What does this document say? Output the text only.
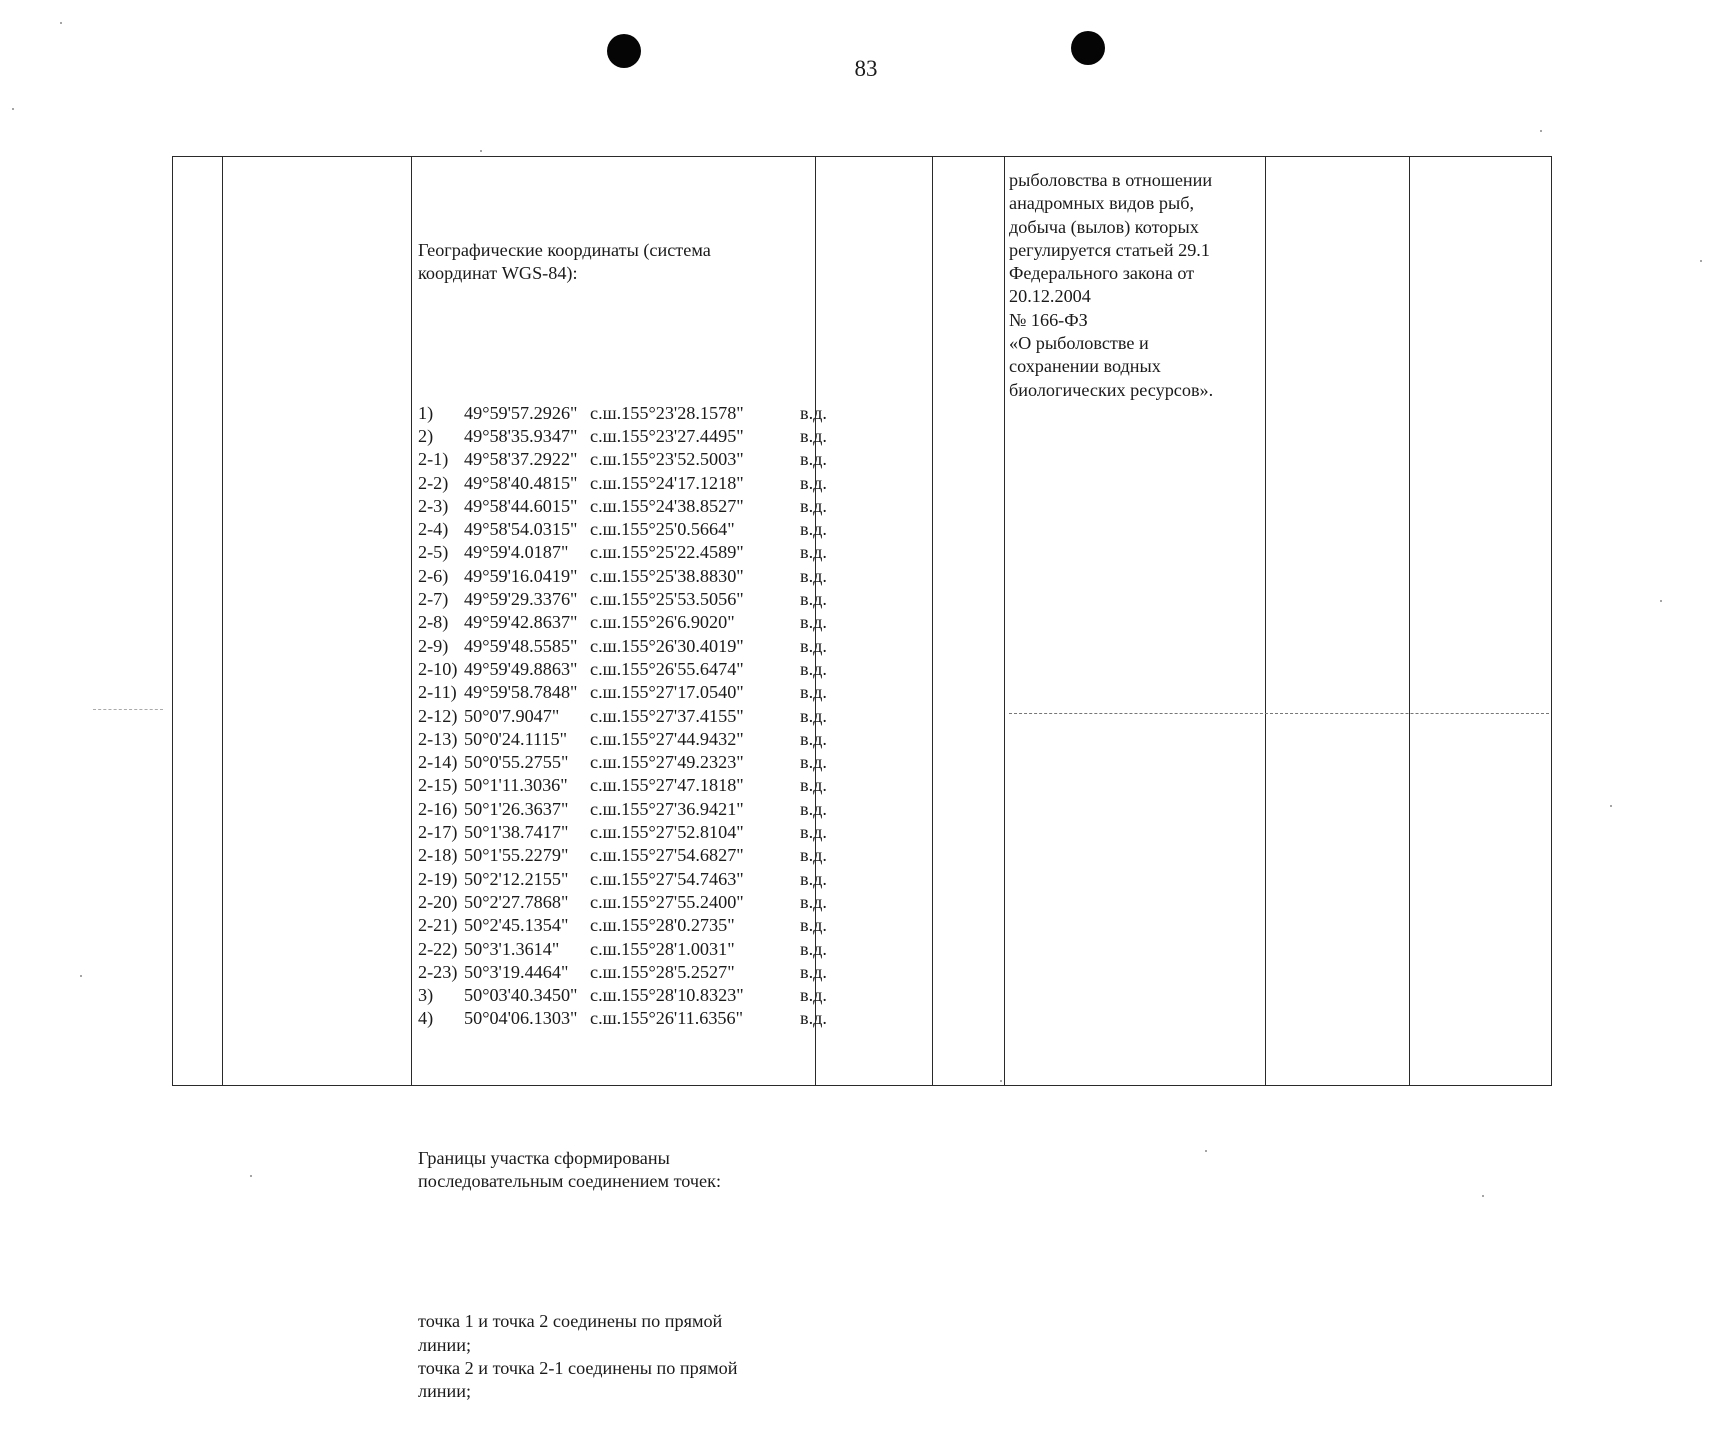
83

Географические координаты (система
координат WGS-84):

1) 49°59'57.2926" с.ш.155°23'28.1578"	в.д.
2) 49°58'35.9347" с.ш.155°23'27.4495"	в.д.
2-1) 49°58'37.2922" с.ш.155°23'52.5003"	в.д.
2-2) 49°58'40.4815" с.ш.155°24'17.1218"	в.д.
2-3) 49°58'44.6015" с.ш.155°24'38.8527"	в.д.
2-4) 49°58'54.0315" с.ш.155°25'0.5664"	в.д.
2-5) 49°59'4.0187" с.ш.155°25'22.4589"	в.д.
2-6) 49°59'16.0419" с.ш.155°25'38.8830"	в.д.
2-7) 49°59'29.3376" с.ш.155°25'53.5056"	в.д.
2-8) 49°59'42.8637" с.ш.155°26'6.9020"	в.д.
2-9) 49°59'48.5585" с.ш.155°26'30.4019"	в.д.
2-10) 49°59'49.8863" с.ш.155°26'55.6474"	в.д.
2-11) 49°59'58.7848" с.ш.155°27'17.0540"	в.д.
2-12) 50°0'7.9047" с.ш.155°27'37.4155"	в.д.
2-13) 50°0'24.1115" с.ш.155°27'44.9432"	в.д.
2-14) 50°0'55.2755" с.ш.155°27'49.2323"	в.д.
2-15) 50°1'11.3036" с.ш.155°27'47.1818"	в.д.
2-16) 50°1'26.3637" с.ш.155°27'36.9421"	в.д.
2-17) 50°1'38.7417" с.ш.155°27'52.8104"	в.д.
2-18) 50°1'55.2279" с.ш.155°27'54.6827"	в.д.
2-19) 50°2'12.2155" с.ш.155°27'54.7463"	в.д.
2-20) 50°2'27.7868" с.ш.155°27'55.2400"	в.д.
2-21) 50°2'45.1354" с.ш.155°28'0.2735"	в.д.
2-22) 50°3'1.3614" с.ш.155°28'1.0031"	в.д.
2-23) 50°3'19.4464" с.ш.155°28'5.2527"	в.д.
3) 50°03'40.3450" с.ш.155°28'10.8323"	в.д.
4) 50°04'06.1303" с.ш.155°26'11.6356"	в.д.

Границы участка сформированы
последовательным соединением точек:

точка 1 и точка 2 соединены по прямой
линии;
точка 2 и точка 2-1 соединены по прямой
линии;

рыболовства в отношении
анадромных видов рыб,
добыча (вылов) которых
регулируется статьей 29.1
Федерального закона от
20.12.2004
№ 166-ФЗ
«О рыболовстве и
сохранении водных
биологических ресурсов».
